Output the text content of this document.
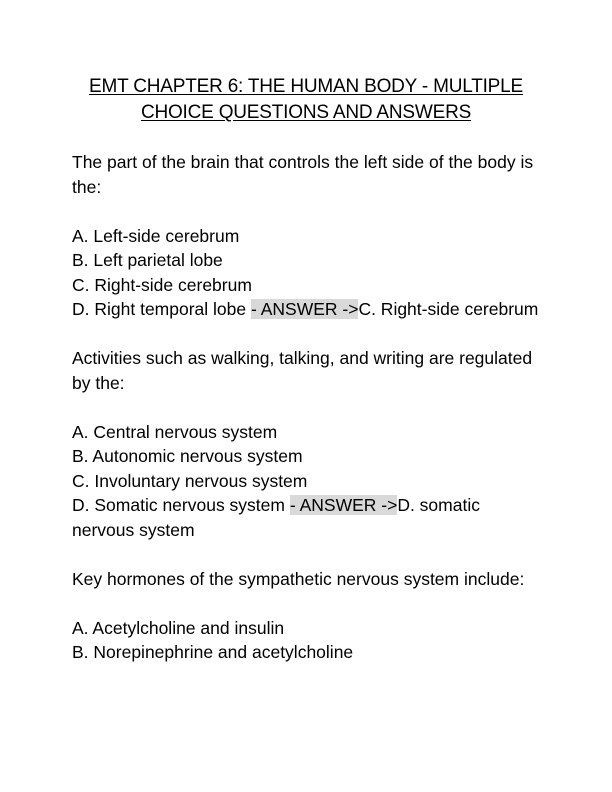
EMT CHAPTER 6: THE HUMAN BODY - MULTIPLE
CHOICE QUESTIONS AND ANSWERS

The part of the brain that controls the left side of the body is the:

A. Left-side cerebrum

B. Left parietal lobe

C. Right-side cerebrum

D. Right temporal lobe - ANSWER ->C. Right-side cerebrum

Activities such as walking, talking, and writing are regulated by the:

A. Central nervous system

B. Autonomic nervous system

C. Involuntary nervous system

D. Somatic nervous system - ANSWER ->D. somatic nervous system

Key hormones of the sympathetic nervous system include:

A. Acetylcholine and insulin

B. Norepinephrine and acetylcholine
